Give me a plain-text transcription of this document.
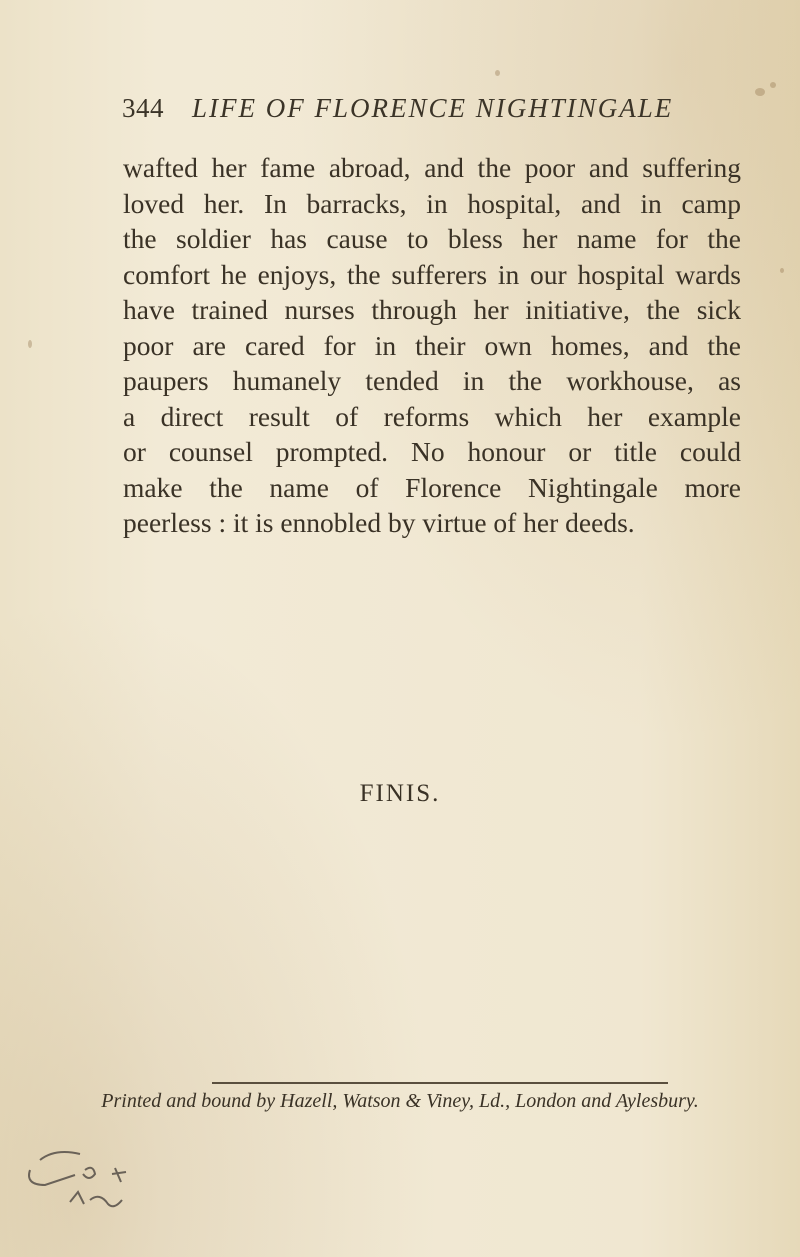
344 LIFE OF FLORENCE NIGHTINGALE
wafted her fame abroad, and the poor and suffering
loved her. In barracks, in hospital, and in camp
the soldier has cause to bless her name for the
comfort he enjoys, the sufferers in our hospital wards
have trained nurses through her initiative, the sick
poor are cared for in their own homes, and the
paupers humanely tended in the workhouse, as
a direct result of reforms which her example
or counsel prompted. No honour or title could
make the name of Florence Nightingale more
peerless : it is ennobled by virtue of her deeds.
FINIS.
Printed and bound by Hazell, Watson & Viney, Ld., London and Aylesbury.
